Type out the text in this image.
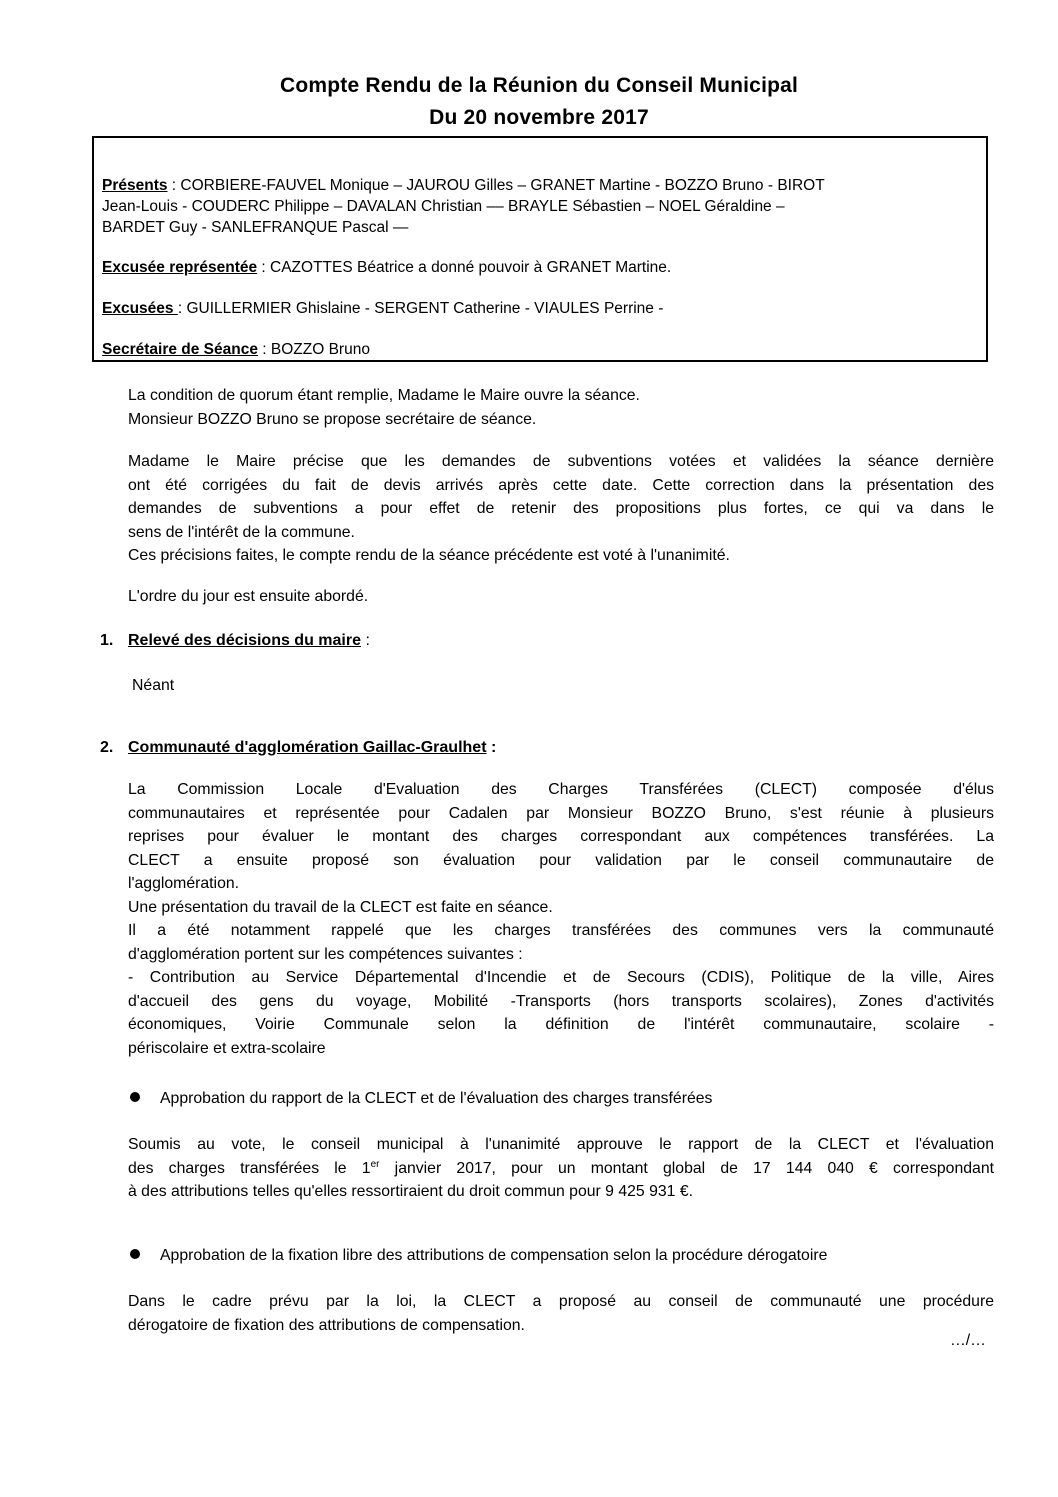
Compte Rendu de la Réunion du Conseil Municipal
Du 20 novembre 2017
Présents : CORBIERE-FAUVEL Monique – JAUROU Gilles – GRANET Martine - BOZZO Bruno - BIROT
Jean-Louis - COUDERC Philippe – DAVALAN Christian –– BRAYLE Sébastien – NOEL Géraldine –
BARDET Guy - SANLEFRANQUE Pascal —
Excusée représentée : CAZOTTES Béatrice a donné pouvoir à GRANET Martine.
Excusées : GUILLERMIER Ghislaine - SERGENT Catherine - VIAULES Perrine -
Secrétaire de Séance : BOZZO Bruno
La condition de quorum étant remplie, Madame le Maire ouvre la séance.
Monsieur BOZZO Bruno se propose secrétaire de séance.
Madame le Maire précise que les demandes de subventions votées et validées la séance dernière
ont été corrigées du fait de devis arrivés après cette date. Cette correction dans la présentation des
demandes de subventions a pour effet de retenir des propositions plus fortes, ce qui va dans le
sens de l'intérêt de la commune.
Ces précisions faites, le compte rendu de la séance précédente est voté à l'unanimité.
L'ordre du jour est ensuite abordé.
1. Relevé des décisions du maire :
Néant
2. Communauté d'agglomération Gaillac-Graulhet :
La Commission Locale d'Evaluation des Charges Transférées (CLECT) composée d'élus
communautaires et représentée pour Cadalen par Monsieur BOZZO Bruno, s'est réunie à plusieurs
reprises pour évaluer le montant des charges correspondant aux compétences transférées. La
CLECT a ensuite proposé son évaluation pour validation par le conseil communautaire de
l'agglomération.
Une présentation du travail de la CLECT est faite en séance.
Il a été notamment rappelé que les charges transférées des communes vers la communauté
d'agglomération portent sur les compétences suivantes :
- Contribution au Service Départemental d'Incendie et de Secours (CDIS), Politique de la ville, Aires
d'accueil des gens du voyage, Mobilité -Transports (hors transports scolaires), Zones d'activités
économiques, Voirie Communale selon la définition de l'intérêt communautaire, scolaire -
périscolaire et extra-scolaire
Approbation du rapport de la CLECT et de l'évaluation des charges transférées
Soumis au vote, le conseil municipal à l'unanimité approuve le rapport de la CLECT et l'évaluation
des charges transférées le 1er janvier 2017, pour un montant global de 17 144 040 € correspondant
à des attributions telles qu'elles ressortiraient du droit commun pour 9 425 931 €.
Approbation de la fixation libre des attributions de compensation selon la procédure dérogatoire
Dans le cadre prévu par la loi, la CLECT a proposé au conseil de communauté une procédure
dérogatoire de fixation des attributions de compensation.
…/…
